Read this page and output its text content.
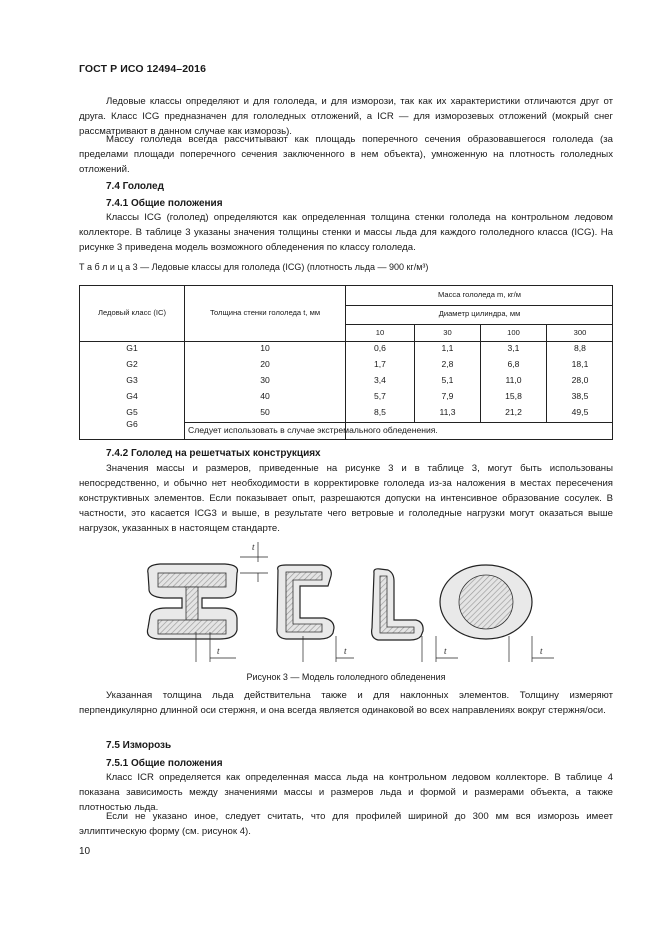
ГОСТ Р ИСО 12494–2016
Ледовые классы определяют и для гололеда, и для изморози, так как их характеристики отличаются друг от друга. Класс ICG предназначен для гололедных отложений, а ICR — для изморозевых отложений (мокрый снег рассматривают в данном случае как изморозь).
Массу гололеда всегда рассчитывают как площадь поперечного сечения образовавшегося гололеда (за пределами площади поперечного сечения заключенного в нем объекта), умноженную на плотность гололедных отложений.
7.4 Гололед
7.4.1 Общие положения
Классы ICG (гололед) определяются как определенная толщина стенки гололеда на контрольном ледовом коллекторе. В таблице 3 указаны значения толщины стенки и массы льда для каждого гололедного класса (ICG). На рисунке 3 приведена модель возможного обледенения по классу гололеда.
Т а б л и ц а 3 — Ледовые классы для гололеда (ICG) (плотность льда — 900 кг/м³)
Ледовый класс (IC)	Толщина стенки гололеда t, мм
Масса гололеда m, кг/м
Диаметр цилиндра, мм
10	30	100	300
G1	10	0,6	1,1	3,1	8,8
G2	20	1,7	2,8	6,8	18,1
G3	30	3,4	5,1	11,0	28,0
G4	40	5,7	7,9	15,8	38,5
G5	50	8,5	11,3	21,2	49,5
G6
Следует использовать в случае экстремального обледенения.
7.4.2 Гололед на решетчатых конструкциях
Значения массы и размеров, приведенные на рисунке 3 и в таблице 3, могут быть использованы непосредственно, и обычно нет необходимости в корректировке гололеда из-за наложения в местах пересечения конструктивных элементов. Если показывает опыт, разрешаются допуски на интенсивное образование сосулек. В частности, это касается ICG3 и выше, в результате чего ветровые и гололедные нагрузки могут оказаться выше нагрузок, указанных в настоящем стандарте.
t
t	t	t	t
Рисунок 3 — Модель гололедного обледенения
Указанная толщина льда действительна также и для наклонных элементов. Толщину измеряют перпендикулярно длинной оси стержня, и она всегда является одинаковой во всех направлениях вокруг стержня/оси.
7.5 Изморозь
7.5.1 Общие положения
Класс ICR определяется как определенная масса льда на контрольном ледовом коллекторе. В таблице 4 показана зависимость между значениями массы и размеров льда и формой и размерами объекта, а также плотностью льда.
Если не указано иное, следует считать, что для профилей шириной до 300 мм вся изморозь имеет эллиптическую форму (см. рисунок 4).
10
